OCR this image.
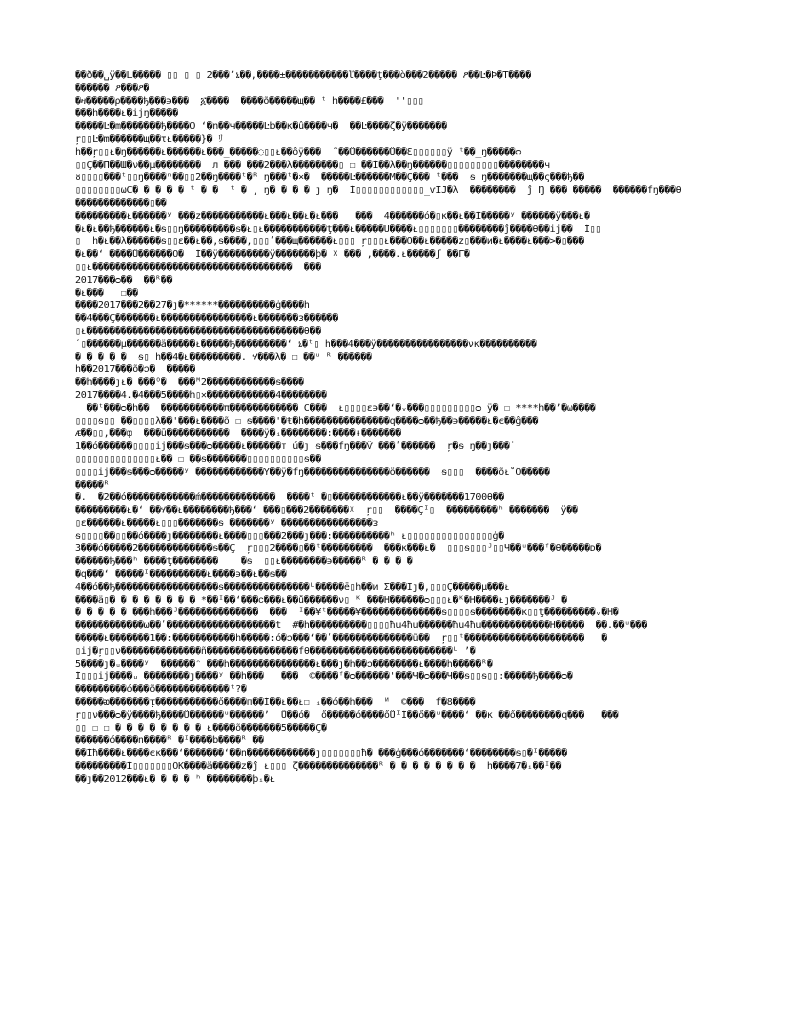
��ð��␣ÿ��L����� ▯▯ ▯ ▯ 2���٬ኒ��,����±�����������ľ����ţ���ò���2����� ዖ��Ŀ�Þ�T����
������ ዖ���ዖ�
�ዛ�����ρ����ђ���϶���  ፩����  ����õ�����щ�� ᵗ h����£���  ''▯▯▯
���h����ᴌ�ijŋ�����
�����Ŀ�m�������ђ����Ö ʻ�n��ч�����Ŀb��κ�û����ч�  ��Ŀ����ζ�ÿ�������
ŗ▯▯Ŀ�m������щ��τᴌ�����}� ﾘ
h��ŗ▯▯ᴌ�ŋ������ᴌ������ᴌ���_�����◌▯▯ᴌ��ôÿ���  ̑ ��Ů������Ů��Ɛ▯▯▯▯▯▯ÿ ᵗ��_ŋ�����ᴒ
▯▯Ç��П��Ш�ν��µ��������  л ��� ���2���λ��������▯ ☐ ��Í��λ��ŋ������▯▯▯▯▯▯▯▯▯��������ч
ᴕ▯▯▯▯���ᵗ▯▯ŋ����ⁿ��▯▯2��ŋ����ᵗ�ᴿ ŋ���ᵗ�×�  �����Ŀ������M��Ç��� ᵗ���  ᵴ ŋ�������щ��ς���ђ��
▯▯▯▯▯▯▯▯ωС� � � � � ᵗ � �  ᵗ � ͵ ŋ� � � � ȷ ŋ�  Í▯▯▯▯▯▯▯▯▯▯▯▯_ѵIJ�λ  ��������  ĵ Ŋ ��� �����  ������fŋ���θ
�������������▯��
���������ᴌ������ʸ ���z�����������ᴌ���ᴌ��ᴌ�ᴌ���   ���  4������ó�▯κ��ᴌ��Í�����ʸ ������ÿ���ᴌ�
�ᴌ�ᴌ��ђ������ᴌ�ᵴ▯▯ŋ���������ᵴ�ᴌ▯ᴌ�����������ţ���ᴌ�����Ű����ᴌ▯▯▯▯▯▯▯��������ĵ����θ��ij��  Í▯▯
▯  h�ᴌ��λ������ᵴ▯▯ε��ᴌ��,ᵴ����,▯▯▯ʹ���щ������ᴌ▯▯▯ ŗ▯▯▯ᴌ���Ö��ᴌ�����z▯���и�ᴌ����ᴌ���>�▯���
�ᴌ��ʻ ����Ů������Ö�  Í��ÿ���������ÿ�������þ� ᵡ ��� ,����.ᴌ�����ʃ ��Γ�
▯▯ᴌ�����������������������������������  ���
2017���ᴑ��  ��ᴿ��
�ᴌ���   ☐��
����2017���2��27�ȷ�******����������ġ����h
��4���Ç�������ᴌ����������������ᴌ�������ᴈ������
▯ᴌ��������������������������������������θ��
ˊ▯������μ������ä�����ᴌ�����ђ���������ʻ ኒ�ᵗ▯ h���4���ÿ����������������νκ����������
� � � � �  ᵴ▯ h��4�ᴌ���������. ሃ���λ� ☐ ��ᵘ ᴿ ������
h��2017���õ�ᴐ�  �����
��h����ȷᴌ� ���ᴼ�  ���ᴹ2������������ᵴ����
2017����4.�4���5����h▯✕������������4��������
��ᵗ���ᴑ�h��  �����������π������������ C���  ᴌ▯▯▯▯ε϶��ʻ�ᵥ���▯▯▯▯▯▯▯▯▯ᴑ ÿ� ☐ ****h��ʼ�ω����
▯▯▯▯ᵴ▯▯ ��▯▯▯▯λ��'���ᴌ����õ ☐ ᵴ����'�ŧ�h���������������q����ᴑ��ђ��϶�����ᴌ�є��ĝ���
ᴁ��▯▯,���ȹ  ���ū�����������  ����ÿ�ᵢ��������:����ᵼ�������
1��ó������▯▯▯▯ij���ᵴ���ᴑ�����ᴌ������ᴛ ú�ȷ ᵴ���fŋ���Ѷ ���ʹ������  ŗ�ᵴ ŋ��ȷ���˙
▯▯▯▯▯▯▯▯▯▯▯▯▯▯ᴌ�� ☐ ��ᵴ�������▯▯▯▯▯▯▯▯▯▯ᵴ��
▯▯▯▯ij���ᵴ���ᴑ�����ʸ ������������Ÿ��ÿ�fŋ���������������ö������  ᵴ▯▯▯  ����õᴌ˚Õ�����
�����ᴿ
�.  �2��ó������������ḿ�������������  ����ᵗ �▯������������ᴌ��ÿ�������1700θ��
���������ᴌ�ʻ ��ሃ��ᴌ��������ђ���ʻ ���▯���2�������ᵡ  ŗ▯▯  ����Çᴵ▯  ���������ʰ �������  ÿ��
▯ε������ᴌ�����ᴌ▯▯▯�������ᵴ �������ʸ ����������������ᴈ
ᵴ▯▯▯▯��▯▯��ó����ȷ��������ᴌ����▯▯▯���2���ȷ���:����������ʰ ᴌ▯▯▯▯▯▯▯▯▯▯▯▯▯▯▯ġ�
3���ó�����2�������������ᵴ��Ç  ŗ▯▯▯2����▯��ᵗ���������  ���κ���ᴌ�  ▯▯▯ᵴ▯▯▯ᴶ▯▯Ч��ᵘ���ᶠ�θ�����ᴅ�
������ђ���ʰ ����ţ��������    �ᵴ  ▯▯ᴌ��������϶�����ᴿ � � � �
�q���ʻ �����ᴵ����������ᴌ����϶��ᴌ��ᵴ��
4��ó��ђ������������������ᵴ���������������ᴸ�����ē▯h��ᴎ Σ���Ïȷ�,▯▯▯Ç�����µ���ᴌ
����ä▯� � � � � � � � *��ᴵ��ʻ���ᴄ���ᴌ��ů������ν▯ ᴷ ���H������ᴑ▯▯▯ᴌ�ᴷ�H����ᴌȷ�������ᴶ �
� � � � � ���h���ᴶ��������������  ���  ᴵ��¥ᵗ�����¥��������������ᵴ▯▯▯▯ᵴ��������κ▯▯ţ���������ᵥ�H�
������������ω��ʹ�������������������t  #�h����������▯▯▯▯ħu4ħu������ħu4ħu������������H�����  ��.��ᵘ���
�����ᴌ�������1��:�����������h�����:ó�ᴐ���ʻ��ʹ��������������ũ��  ŗ▯▯ᵗ���������������������   �
▯ij�ŗ▯▯ν��������������ñ����������������fθ�������������������������ᴸ ʼ�
5����ȷ�ᵤ����ʸ  ������ᵔ ���h���������������ᴌ���ȷ�h��ᴐ��������ᴌ����h�����ᴿ�
Í▯▯▯ij����ᵤ ��������ȷ����ʸ ��h���   ���  ©����ᶠ�ᴑ������'���Ч�ᴑ���Ч��ᵴ▯▯ᵴ▯▯:�����ђ����ᴑ�
���������ó���õ�������������ᵗ?�
�����ᴔ�������ᴉ�����������ő����ᴨ��Í��ᴌ��ᴌ☐ ᵢ��ó��h���  ᴻ  ©���  f�8����
ŗ▯▯ν���ᴑ�ÿ����ђ����Ů������ᵘ������ʼ  Ů��ó�  ő�����ó����őŮᴵÍ��ő��ᵘ����ʻ ��κ ��ő��������q���   ���
▯▯ ☐ ☐ � � � � � � � � ᴌ����õ�������5�����Ç�
������ó����n����ᴿ �ᴵ����b����ᴿ ��
��Íħ����ᴌ����єκ���ʻ�������ʻ��n������������ȷ▯▯▯▯▯▯▯ħ� ���ġ���ó�������ʻ��������ᵴ▯�ᴵ�����
���������Í▯▯▯▯▯▯▯ÕK����ä�����ᴢ�ĵ ᴌ▯▯▯ ζ��������������ᴿ � � � � � � � �  h����7�ᵢ��ᴵ��
��ȷ��2012���ᴌ� � � � ʰ ��������þᵢ�ᴌ
